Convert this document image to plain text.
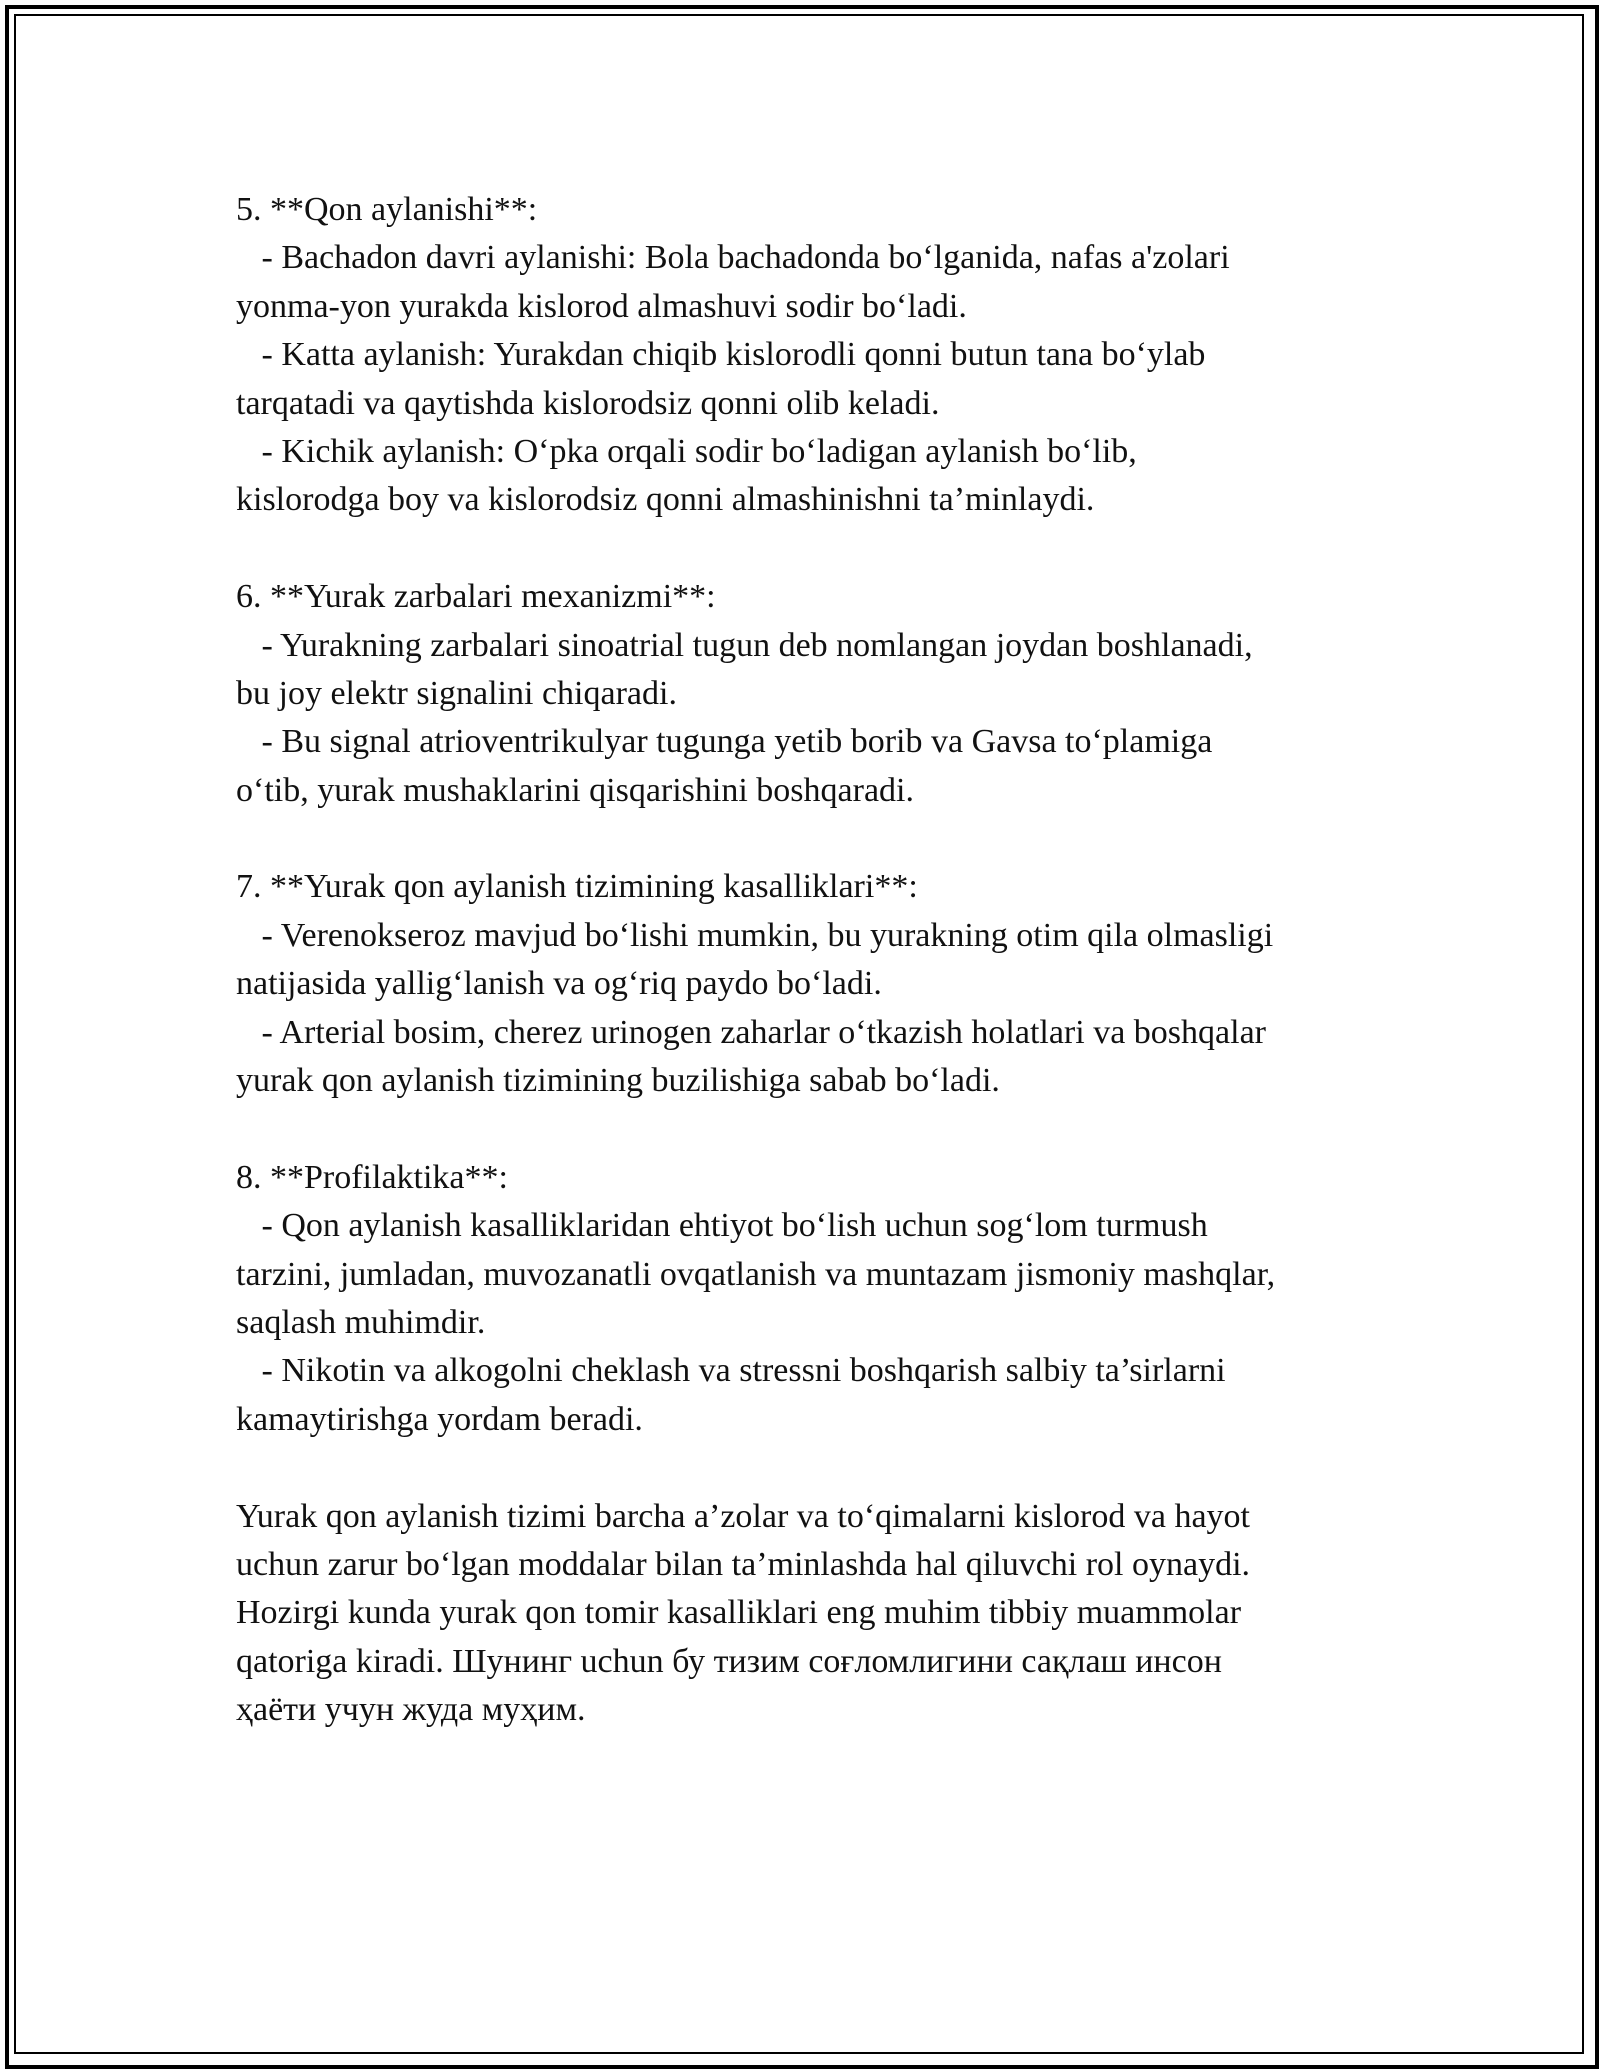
5. **Qon aylanishi**:
- Bachadon davri aylanishi: Bola bachadonda bo‘lganida, nafas a'zolari
yonma-yon yurakda kislorod almashuvi sodir bo‘ladi.
- Katta aylanish: Yurakdan chiqib kislorodli qonni butun tana bo‘ylab
tarqatadi va qaytishda kislorodsiz qonni olib keladi.
- Kichik aylanish: O‘pka orqali sodir bo‘ladigan aylanish bo‘lib,
kislorodga boy va kislorodsiz qonni almashinishni ta’minlaydi.
6. **Yurak zarbalari mexanizmi**:
- Yurakning zarbalari sinoatrial tugun deb nomlangan joydan boshlanadi,
bu joy elektr signalini chiqaradi.
- Bu signal atrioventrikulyar tugunga yetib borib va Gavsa to‘plamiga
o‘tib, yurak mushaklarini qisqarishini boshqaradi.
7. **Yurak qon aylanish tizimining kasalliklari**:
- Verenokseroz mavjud bo‘lishi mumkin, bu yurakning otim qila olmasligi
natijasida yallig‘lanish va og‘riq paydo bo‘ladi.
- Arterial bosim, cherez urinogen zaharlar o‘tkazish holatlari va boshqalar
yurak qon aylanish tizimining buzilishiga sabab bo‘ladi.
8. **Profilaktika**:
- Qon aylanish kasalliklaridan ehtiyot bo‘lish uchun sog‘lom turmush
tarzini, jumladan, muvozanatli ovqatlanish va muntazam jismoniy mashqlar,
saqlash muhimdir.
- Nikotin va alkogolni cheklash va stressni boshqarish salbiy ta’sirlarni
kamaytirishga yordam beradi.
Yurak qon aylanish tizimi barcha a’zolar va to‘qimalarni kislorod va hayot
uchun zarur bo‘lgan moddalar bilan ta’minlashda hal qiluvchi rol oynaydi.
Hozirgi kunda yurak qon tomir kasalliklari eng muhim tibbiy muammolar
qatoriga kiradi. Шунинг uchun бу тизим соғломлигини сақлаш инсон
ҳаёти учун жуда муҳим.
